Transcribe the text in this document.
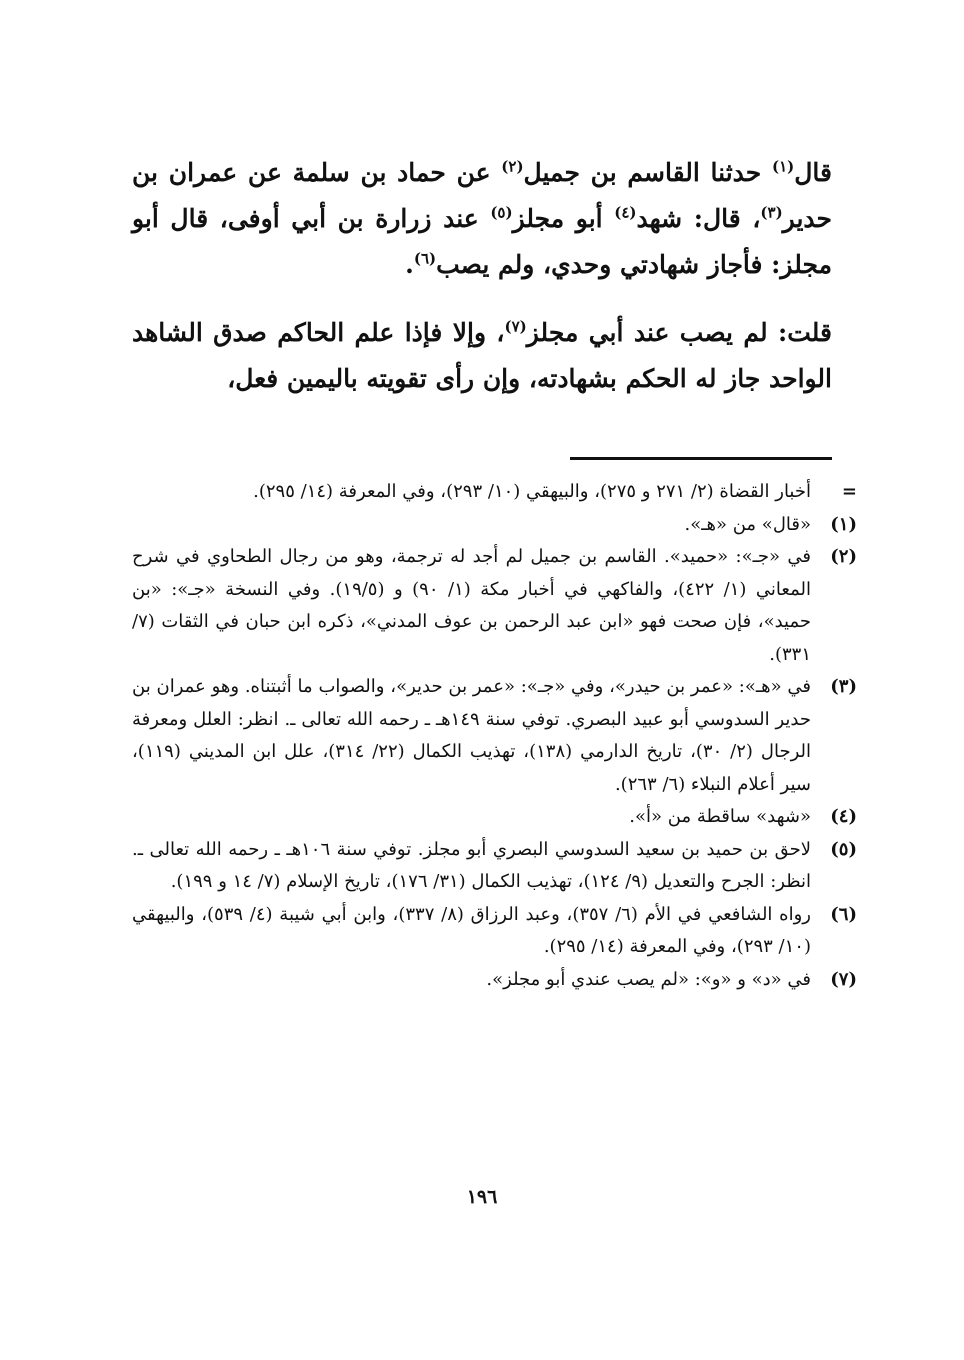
قال$^{(١)}$ حدثنا القاسم بن جميل$^{(٢)}$ عن حماد بن سلمة عن عمران بن حدير$^{(٣)}$، قال: شهد$^{(٤)}$ أبو مجلز$^{(٥)}$ عند زرارة بن أبي أوفى، قال أبو مجلز: فأجاز شهادتي وحدي، ولم يصب$^{(٦)}$.

قلت: لم يصب عند أبي مجلز$^{(٧)}$، وإلا فإذا علم الحاكم صدق الشاهد الواحد جاز له الحكم بشهادته، وإن رأى تقويته باليمين فعل،

=
أخبار القضاة (٢/ ٢٧١ و ٢٧٥)، والبيهقي (١٠/ ٢٩٣)، وفي المعرفة (١٤/ ٢٩٥).
(١)
«قال» من «هـ».
(٢)
في «جـ»: «حميد». القاسم بن جميل لم أجد له ترجمة، وهو من رجال الطحاوي في شرح المعاني (١/ ٤٢٢)، والفاكهي في أخبار مكة (١/ ٩٠) و (١٩/٥). وفي النسخة «جـ»: «بن حميد»، فإن صحت فهو «ابن عبد الرحمن بن عوف المدني»، ذكره ابن حبان في الثقات (٧/ ٣٣١).
(٣)
في «هـ»: «عمر بن حيدر»، وفي «جـ»: «عمر بن حدير»، والصواب ما أثبتناه. وهو عمران بن حدير السدوسي أبو عبيد البصري. توفي سنة ١٤٩هـ ـ رحمه الله تعالى ـ. انظر: العلل ومعرفة الرجال (٢/ ٣٠)، تاريخ الدارمي (١٣٨)، تهذيب الكمال (٢٢/ ٣١٤)، علل ابن المديني (١١٩)، سير أعلام النبلاء (٦/ ٢٦٣).
(٤)
«شهد» ساقطة من «أ».
(٥)
لاحق بن حميد بن سعيد السدوسي البصري أبو مجلز. توفي سنة ١٠٦هـ ـ رحمه الله تعالى ـ. انظر: الجرح والتعديل (٩/ ١٢٤)، تهذيب الكمال (٣١/ ١٧٦)، تاريخ الإسلام (٧/ ١٤ و ١٩٩).
(٦)
رواه الشافعي في الأم (٦/ ٣٥٧)، وعبد الرزاق (٨/ ٣٣٧)، وابن أبي شيبة (٤/ ٥٣٩)، والبيهقي (١٠/ ٢٩٣)، وفي المعرفة (١٤/ ٢٩٥).
(٧)
في «د» و «و»: «لم يصب عندي أبو مجلز».
١٩٦
